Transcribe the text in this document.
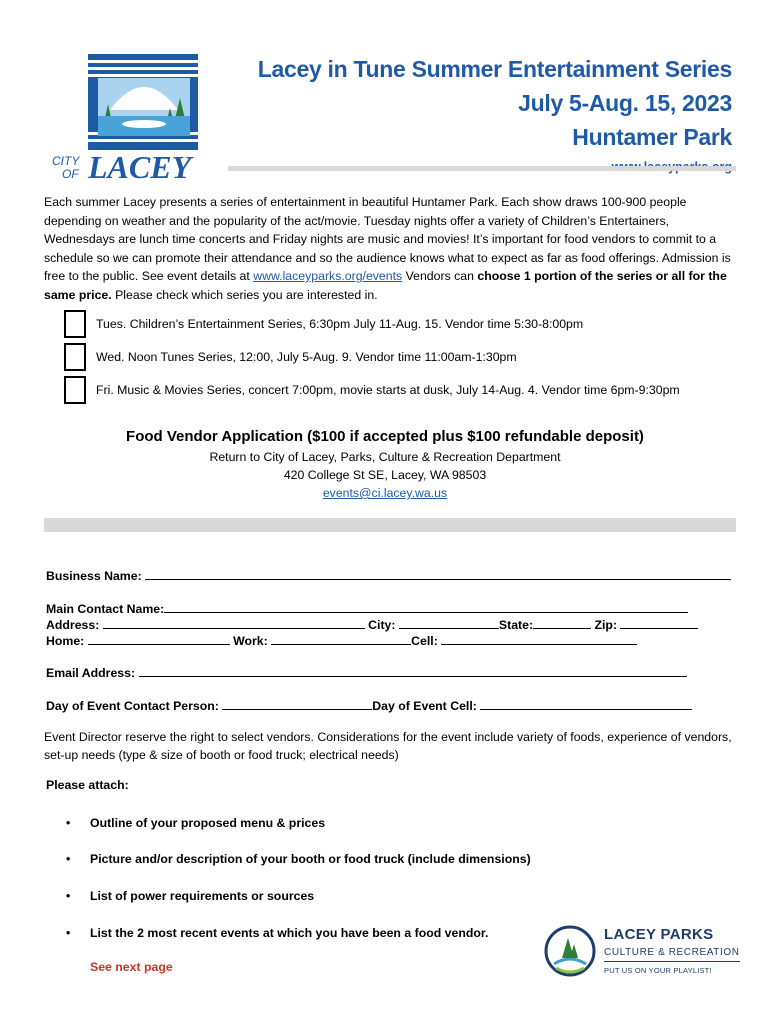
CITY
OF LACEY
Lacey in Tune Summer Entertainment Series
July 5-Aug. 15, 2023
Huntamer Park
Each summer Lacey presents a series of entertainment in beautiful Huntamer Park. Each show draws 100-900 people depending on weather and the popularity of the act/movie. Tuesday nights offer a variety of Children’s Entertainers, Wednesdays are lunch time concerts and Friday nights are music and movies! It’s important for food vendors to commit to a schedule so we can promote their attendance and so the audience knows what to expect as far as food offerings. Admission is free to the public. See event details at www.laceyparks.org/events Vendors can choose 1 portion of the series or all for the same price. Please check which series you are interested in.
Tues. Children’s Entertainment Series, 6:30pm July 11-Aug. 15. Vendor time 5:30-8:00pm
Wed. Noon Tunes Series, 12:00, July 5-Aug. 9. Vendor time 11:00am-1:30pm
Fri. Music & Movies Series, concert 7:00pm, movie starts at dusk, July 14-Aug. 4. Vendor time 6pm-9:30pm
Food Vendor Application ($100 if accepted plus $100 refundable deposit)
Return to City of Lacey, Parks, Culture & Recreation Department
420 College St SE, Lacey, WA 98503
events@ci.lacey.wa.us
Business Name:
Main Contact Name:
Address:	City:	State:	Zip:
Home:	Work:	Cell:
Email Address:
Day of Event Contact Person:	Day of Event Cell:
Event Director reserve the right to select vendors. Considerations for the event include variety of foods, experience of vendors, set-up needs (type & size of booth or food truck; electrical needs)
Please attach:
• Outline of your proposed menu & prices
• Picture and/or description of your booth or food truck (include dimensions)
• List of power requirements or sources
• List the 2 most recent events at which you have been a food vendor.
See next page
LACEY PARKS
CULTURE & RECREATION
PUT US ON YOUR PLAYLIST!
